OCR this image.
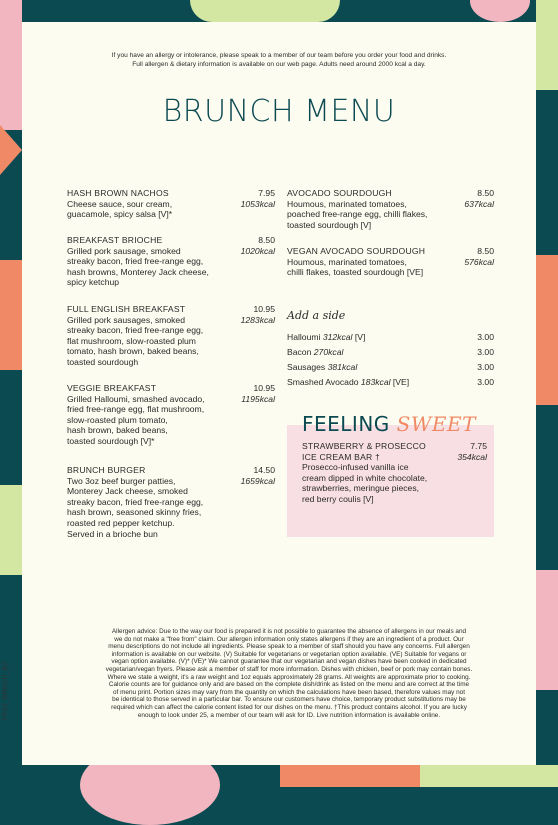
If you have an allergy or intolerance, please speak to a member of our team before you order your food and drinks.
Full allergen & dietary information is available on our web page. Adults need around 2000 kcal a day.
BRUNCH MENU
HASH BROWN NACHOS
Cheese sauce, sour cream,
guacamole, spicy salsa [V]*
7.95
1053kcal
BREAKFAST BRIOCHE
Grilled pork sausage, smoked
streaky bacon, fried free-range egg,
hash browns, Monterey Jack cheese,
spicy ketchup
8.50
1020kcal
FULL ENGLISH BREAKFAST
Grilled pork sausages, smoked
streaky bacon, fried free-range egg,
flat mushroom, slow-roasted plum
tomato, hash brown, baked beans,
toasted sourdough
10.95
1283kcal
VEGGIE BREAKFAST
Grilled Halloumi, smashed avocado,
fried free-range egg, flat mushroom,
slow-roasted plum tomato,
hash brown, baked beans,
toasted sourdough [V]*
10.95
1195kcal
BRUNCH BURGER
Two 3oz beef burger patties,
Monterey Jack cheese, smoked
streaky bacon, fried free-range egg,
hash brown, seasoned skinny fries,
roasted red pepper ketchup.
Served in a brioche bun
14.50
1659kcal
AVOCADO SOURDOUGH
Houmous, marinated tomatoes,
poached free-range egg, chilli flakes,
toasted sourdough [V]
8.50
637kcal
VEGAN AVOCADO SOURDOUGH
Houmous, marinated tomatoes,
chilli flakes, toasted sourdough [VE]
8.50
576kcal
Add a side
Halloumi 312kcal [V]	3.00
Bacon 270kcal	3.00
Sausages 381kcal	3.00
Smashed Avocado 183kcal [VE]	3.00
FEELING SWEET
STRAWBERRY & PROSECCO
ICE CREAM BAR †
Prosecco-infused vanilla ice
cream dipped in white chocolate,
strawberries, meringue pieces,
red berry coulis [V]
7.75
354kcal
Allergen advice: Due to the way our food is prepared it is not possible to guarantee the absence of allergens in our meals and
we do not make a "free from" claim. Our allergen information only states allergens if they are an ingredient of a product. Our
menu descriptions do not include all ingredients. Please speak to a member of staff should you have any concerns. Full allergen
information is available on our website. (V) Suitable for vegetarians or vegetarian option available. (VE) Suitable for vegans or
vegan option available. (V)* (VE)* We cannot guarantee that our vegetarian and vegan dishes have been cooked in dedicated
vegetarian/vegan fryers. Please ask a member of staff for more information. Dishes with chicken, beef or pork may contain bones.
Where we state a weight, it's a raw weight and 1oz equals approximately 28 grams. All weights are approximate prior to cooking.
Calorie counts are for guidance only and are based on the complete dish/drink as listed on the menu and are correct at the time
of menu print. Portion sizes may vary from the quantity on which the calculations have been based, therefore values may not
be identical to those served in a particular bar. To ensure our customers have choice, temporary product substitutions may be
required which can affect the calorie content listed for our dishes on the menu. †This product contains alcohol. If you are lucky
enough to look under 25, a member of our team will ask for ID. Live nutrition information is available online.
PP23_BRNCH_B2
